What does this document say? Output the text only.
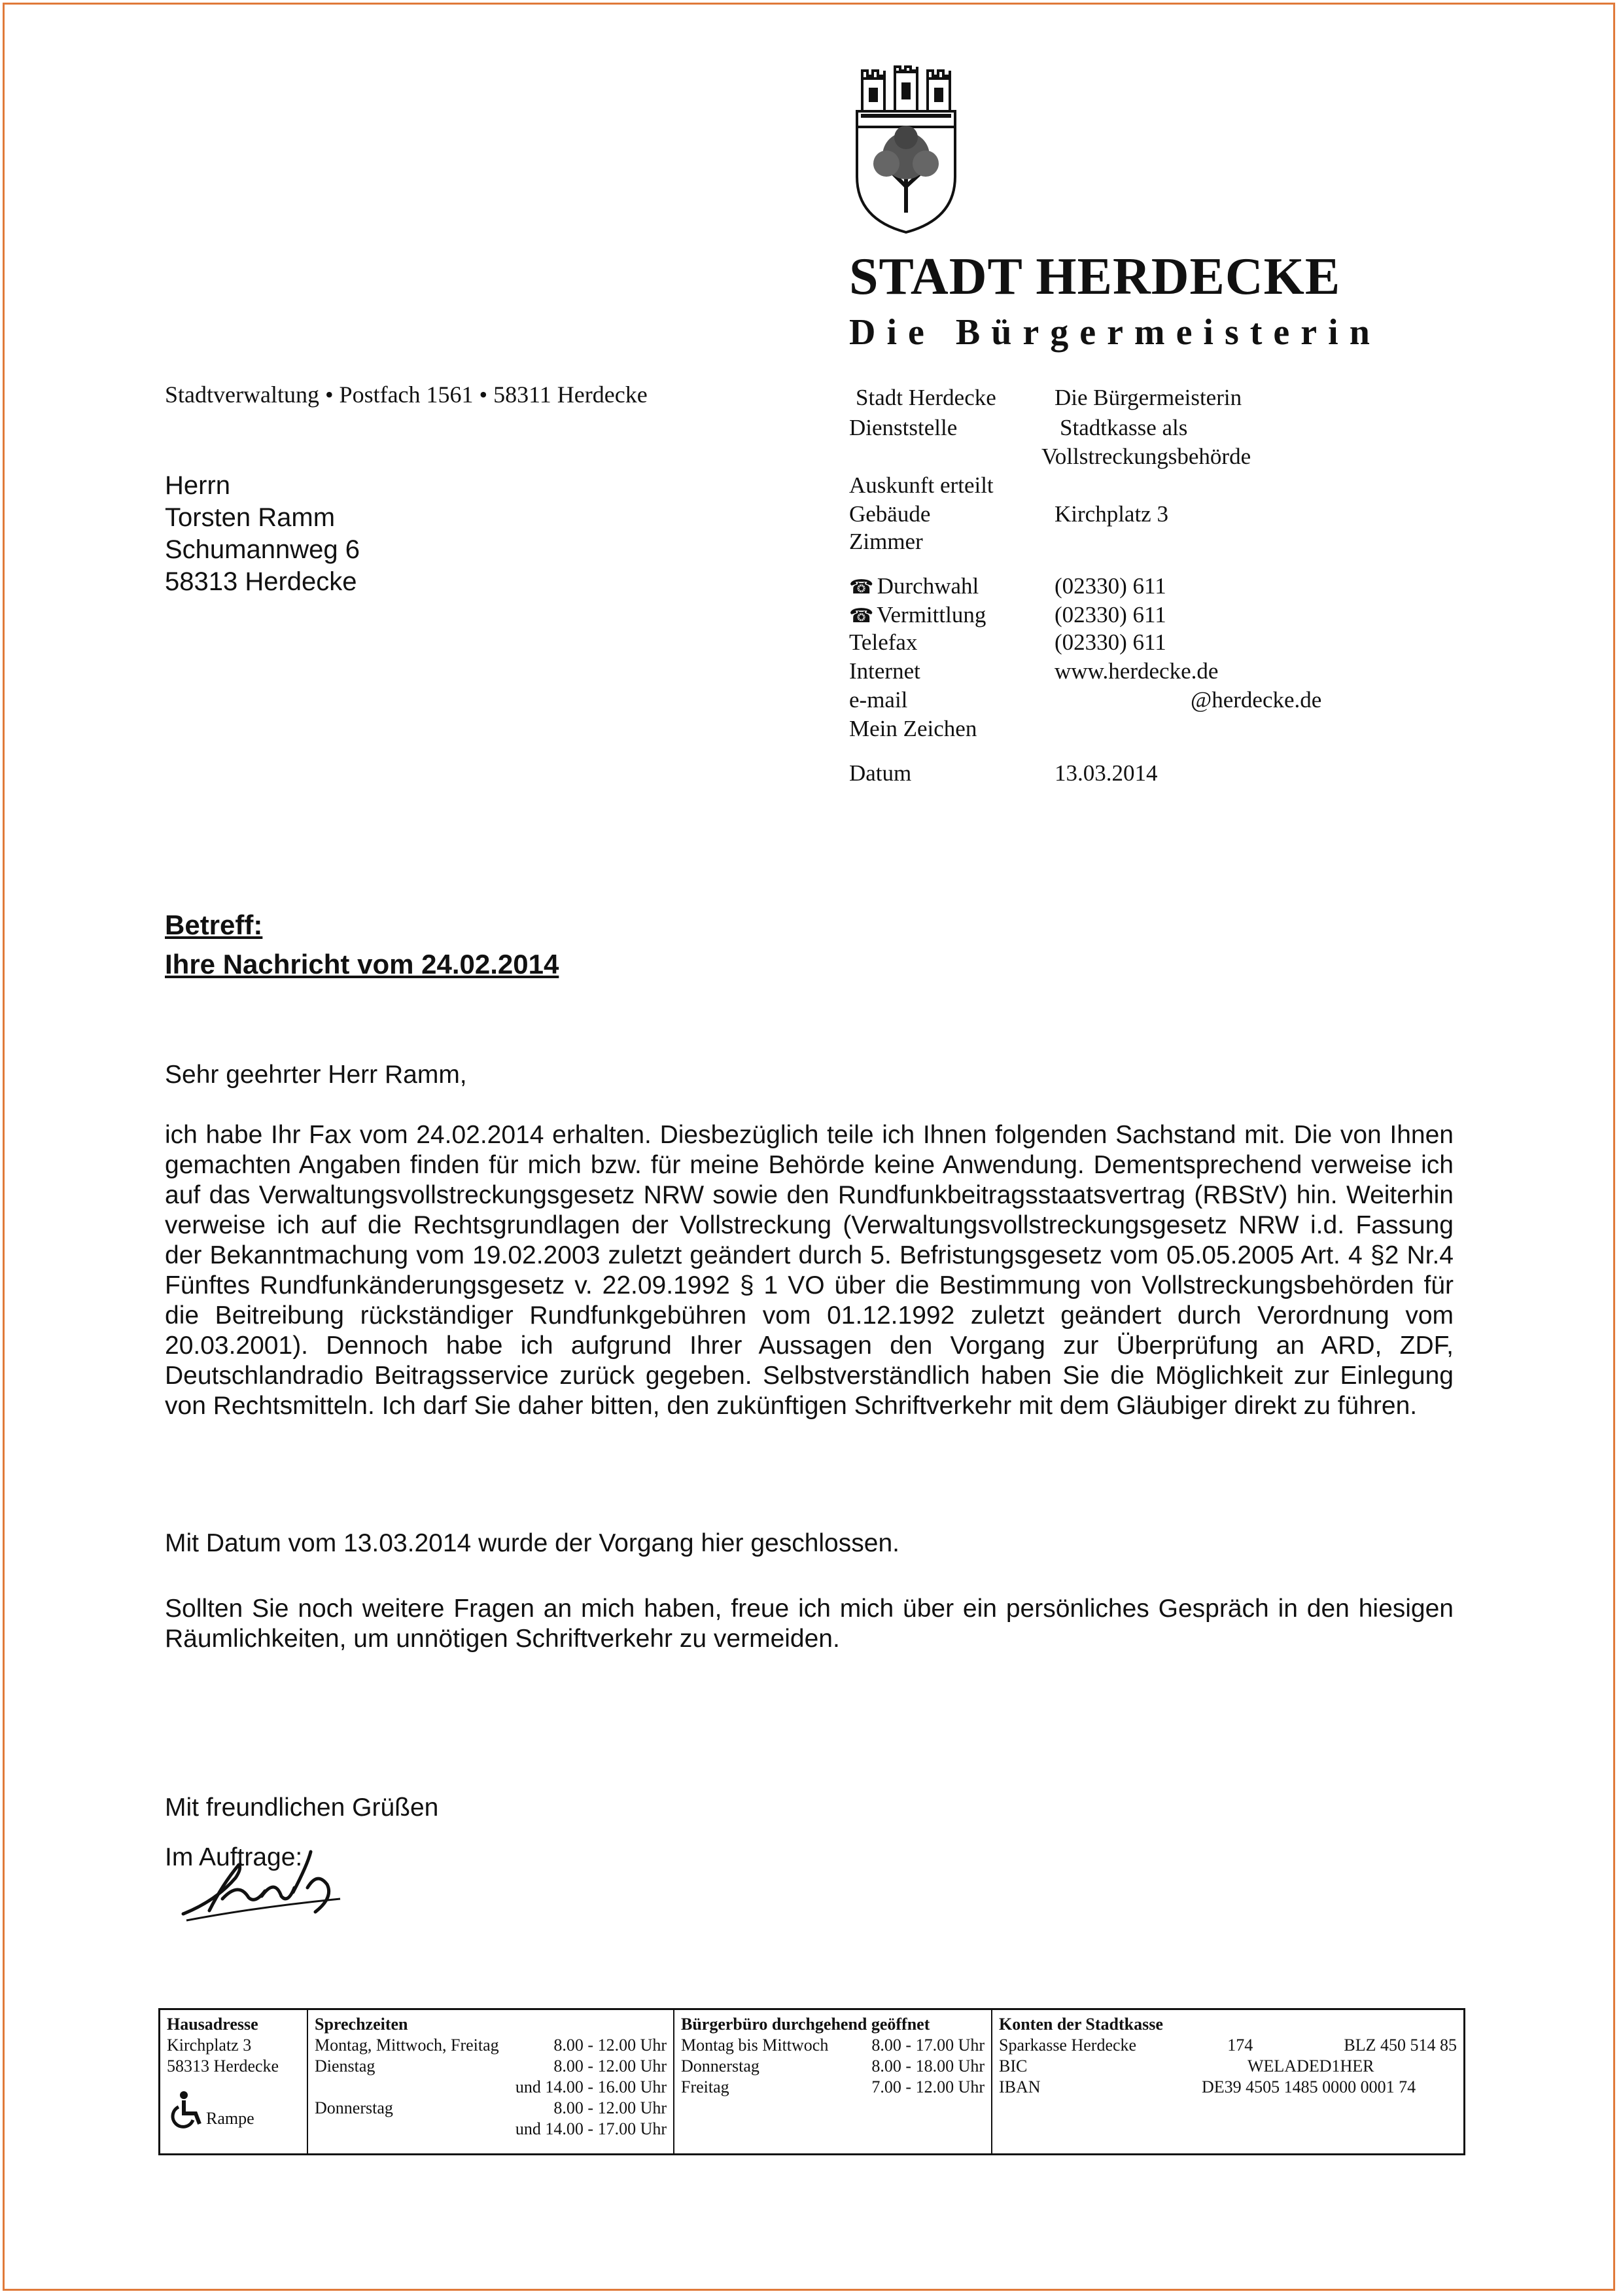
STADT HERDECKE
Die Bürgermeisterin
Stadtverwaltung • Postfach 1561 • 58311 Herdecke
Herrn
Torsten Ramm
Schumannweg 6
58313 Herdecke
Stadt Herdecke	Die Bürgermeisterin
Dienststelle	Stadtkasse als
Vollstreckungsbehörde
Auskunft erteilt
Gebäude	Kirchplatz 3
Zimmer
☎ Durchwahl	(02330) 611
☎ Vermittlung	(02330) 611
Telefax	(02330) 611
Internet	www.herdecke.de
e-mail	@herdecke.de
Mein Zeichen
Datum	13.03.2014
Betreff:
Ihre Nachricht vom 24.02.2014
Sehr geehrter Herr Ramm,

ich habe Ihr Fax vom 24.02.2014 erhalten. Diesbezüglich teile ich Ihnen folgenden Sachstand mit. Die von Ihnen gemachten Angaben finden für mich bzw. für meine Behörde keine Anwendung. Dementsprechend verweise ich auf das Verwaltungsvollstreckungsgesetz NRW sowie den Rundfunkbeitragsstaatsvertrag (RBStV) hin. Weiterhin verweise ich auf die Rechtsgrundlagen der Vollstreckung (Verwaltungsvollstreckungsgesetz NRW i.d. Fassung der Bekanntmachung vom 19.02.2003 zuletzt geändert durch 5. Befristungsgesetz vom 05.05.2005 Art. 4 §2 Nr.4 Fünftes Rundfunkänderungsgesetz v. 22.09.1992 § 1 VO über die Bestimmung von Vollstreckungsbehörden für die Beitreibung rückständiger Rundfunkgebühren vom 01.12.1992 zuletzt geändert durch Verordnung vom 20.03.2001). Dennoch habe ich aufgrund Ihrer Aussagen den Vorgang zur Überprüfung an ARD, ZDF, Deutschlandradio Beitragsservice zurück gegeben. Selbstverständlich haben Sie die Möglichkeit zur Einlegung von Rechtsmitteln. Ich darf Sie daher bitten, den zukünftigen Schriftverkehr mit dem Gläubiger direkt zu führen.

Mit Datum vom 13.03.2014 wurde der Vorgang hier geschlossen.
Sollten Sie noch weitere Fragen an mich haben, freue ich mich über ein persönliches Gespräch in den hiesigen Räumlichkeiten, um unnötigen Schriftverkehr zu vermeiden.
Mit freundlichen Grüßen
Im Auftrage:
Hausadresse
Kirchplatz 3
58313 Herdecke
Rampe
Sprechzeiten
Montag, Mittwoch, Freitag	8.00 - 12.00 Uhr
Dienstag	8.00 - 12.00 Uhr
und 14.00 - 16.00 Uhr
Donnerstag	8.00 - 12.00 Uhr
und 14.00 - 17.00 Uhr
Bürgerbüro durchgehend geöffnet
Montag bis Mittwoch	8.00 - 17.00 Uhr
Donnerstag	8.00 - 18.00 Uhr
Freitag	7.00 - 12.00 Uhr
Konten der Stadtkasse
Sparkasse Herdecke	174	BLZ 450 514 85
BIC	WELADED1HER
IBAN	DE39 4505 1485 0000 0001 74
